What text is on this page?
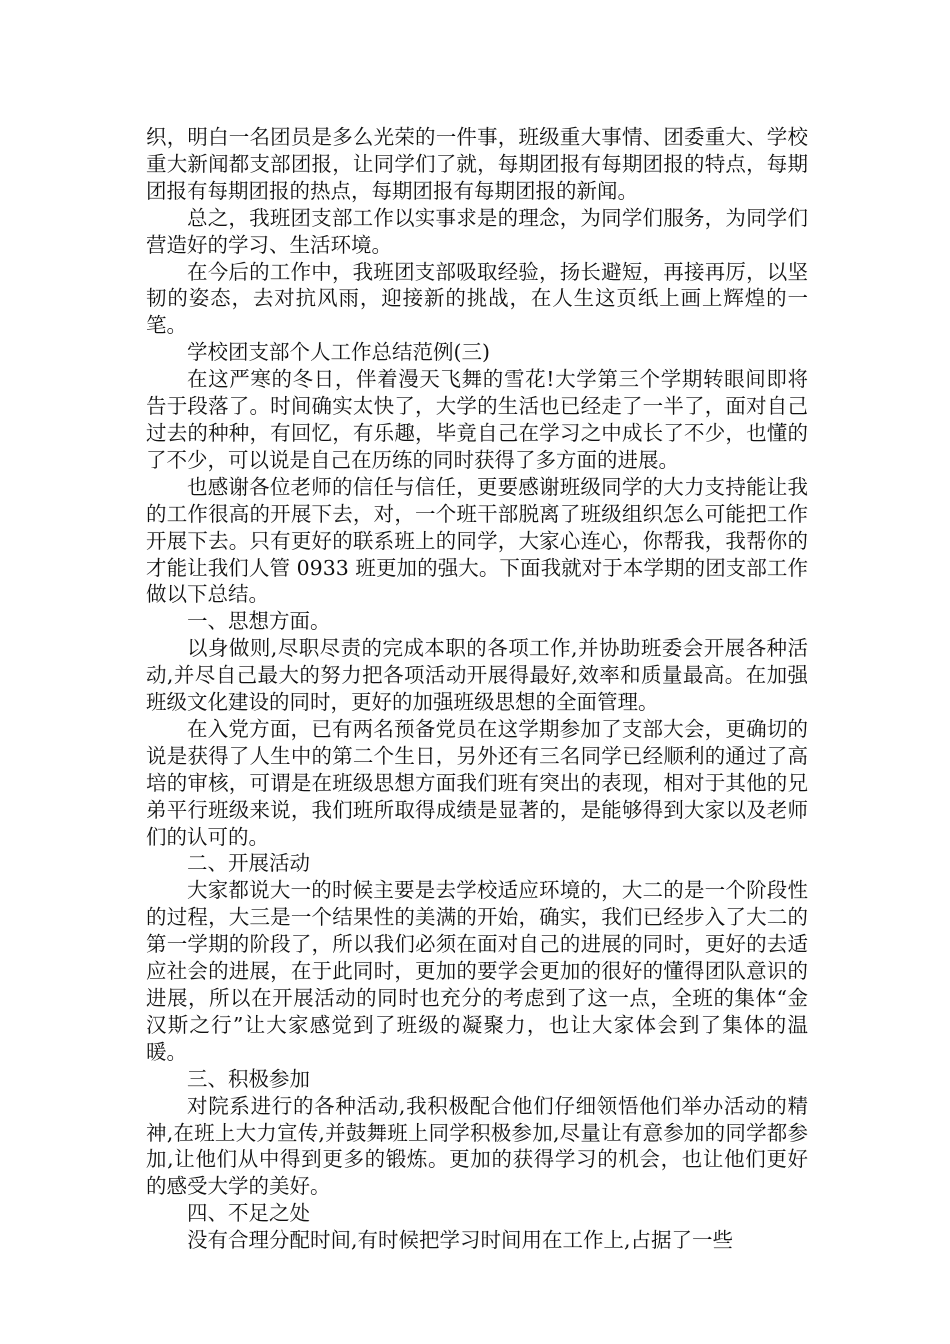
织，明白一名团员是多么光荣的一件事，班级重大事情、团委重大、学校重大新闻都支部团报，让同学们了就，每期团报有每期团报的特点，每期团报有每期团报的热点，每期团报有每期团报的新闻。

总之，我班团支部工作以实事求是的理念，为同学们服务，为同学们营造好的学习、生活环境。

在今后的工作中，我班团支部吸取经验，扬长避短，再接再厉，以坚韧的姿态，去对抗风雨，迎接新的挑战，在人生这页纸上画上辉煌的一笔。

学校团支部个人工作总结范例(三)

在这严寒的冬日，伴着漫天飞舞的雪花!大学第三个学期转眼间即将告于段落了。时间确实太快了，大学的生活也已经走了一半了，面对自己过去的种种，有回忆，有乐趣，毕竟自己在学习之中成长了不少，也懂的了不少，可以说是自己在历练的同时获得了多方面的进展。

也感谢各位老师的信任与信任，更要感谢班级同学的大力支持能让我的工作很高的开展下去，对，一个班干部脱离了班级组织怎么可能把工作开展下去。只有更好的联系班上的同学，大家心连心，你帮我，我帮你的才能让我们人管 0933 班更加的强大。下面我就对于本学期的团支部工作做以下总结。

一、思想方面。

以身做则,尽职尽责的完成本职的各项工作,并协助班委会开展各种活动,并尽自己最大的努力把各项活动开展得最好,效率和质量最高。在加强班级文化建设的同时，更好的加强班级思想的全面管理。

在入党方面，已有两名预备党员在这学期参加了支部大会，更确切的说是获得了人生中的第二个生日，另外还有三名同学已经顺利的通过了高培的审核，可谓是在班级思想方面我们班有突出的表现，相对于其他的兄弟平行班级来说，我们班所取得成绩是显著的，是能够得到大家以及老师们的认可的。

二、开展活动

大家都说大一的时候主要是去学校适应环境的，大二的是一个阶段性的过程，大三是一个结果性的美满的开始，确实，我们已经步入了大二的第一学期的阶段了，所以我们必须在面对自己的进展的同时，更好的去适应社会的进展，在于此同时，更加的要学会更加的很好的懂得团队意识的进展，所以在开展活动的同时也充分的考虑到了这一点，全班的集体“金汉斯之行”让大家感觉到了班级的凝聚力，也让大家体会到了集体的温暖。

三、积极参加

对院系进行的各种活动,我积极配合他们仔细领悟他们举办活动的精神,在班上大力宣传,并鼓舞班上同学积极参加,尽量让有意参加的同学都参加,让他们从中得到更多的锻炼。更加的获得学习的机会，也让他们更好的感受大学的美好。

四、不足之处

没有合理分配时间,有时候把学习时间用在工作上,占据了一些
